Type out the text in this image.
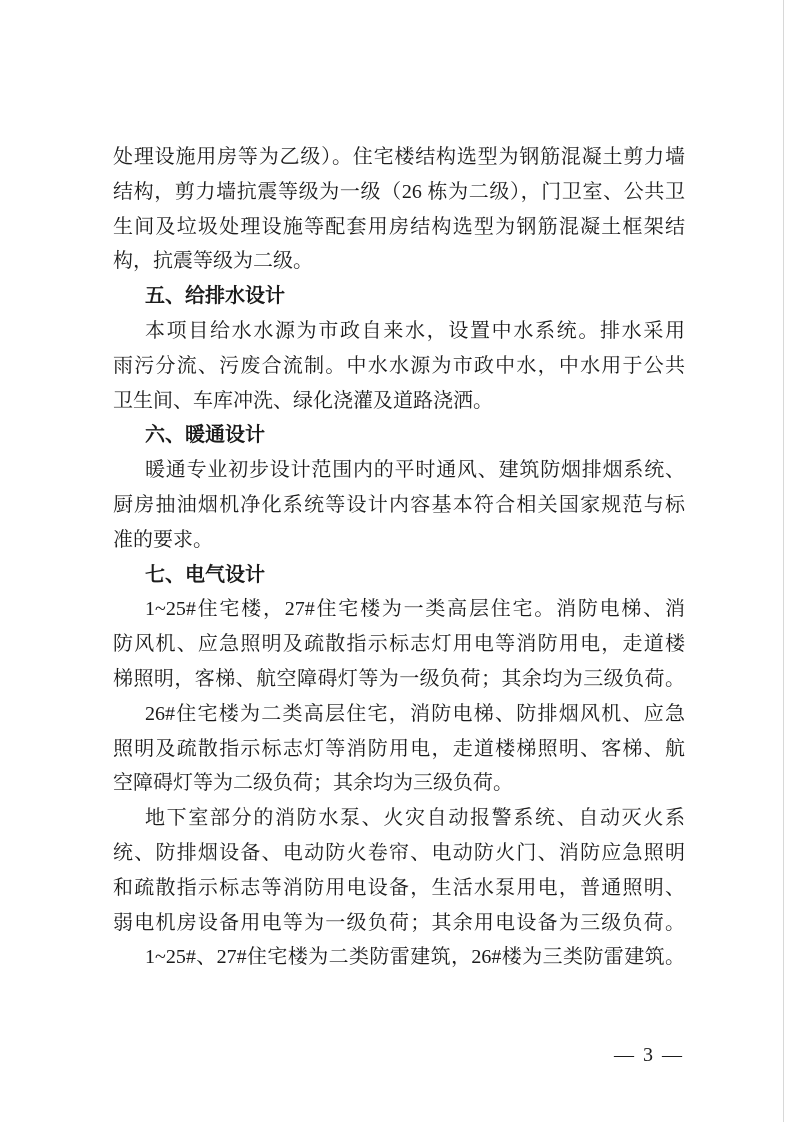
处理设施用房等为乙级）。住宅楼结构选型为钢筋混凝土剪力墙
结构，剪力墙抗震等级为一级（26 栋为二级），门卫室、公共卫
生间及垃圾处理设施等配套用房结构选型为钢筋混凝土框架结
构，抗震等级为二级。
五、给排水设计
本项目给水水源为市政自来水，设置中水系统。排水采用
雨污分流、污废合流制。中水水源为市政中水，中水用于公共
卫生间、车库冲洗、绿化浇灌及道路浇洒。
六、暖通设计
暖通专业初步设计范围内的平时通风、建筑防烟排烟系统、
厨房抽油烟机净化系统等设计内容基本符合相关国家规范与标
准的要求。
七、电气设计
1~25#住宅楼，27#住宅楼为一类高层住宅。消防电梯、消
防风机、应急照明及疏散指示标志灯用电等消防用电，走道楼
梯照明，客梯、航空障碍灯等为一级负荷；其余均为三级负荷。
26#住宅楼为二类高层住宅，消防电梯、防排烟风机、应急
照明及疏散指示标志灯等消防用电，走道楼梯照明、客梯、航
空障碍灯等为二级负荷；其余均为三级负荷。
地下室部分的消防水泵、火灾自动报警系统、自动灭火系
统、防排烟设备、电动防火卷帘、电动防火门、消防应急照明
和疏散指示标志等消防用电设备，生活水泵用电，普通照明、
弱电机房设备用电等为一级负荷；其余用电设备为三级负荷。
1~25#、27#住宅楼为二类防雷建筑，26#楼为三类防雷建筑。
— 3 —
